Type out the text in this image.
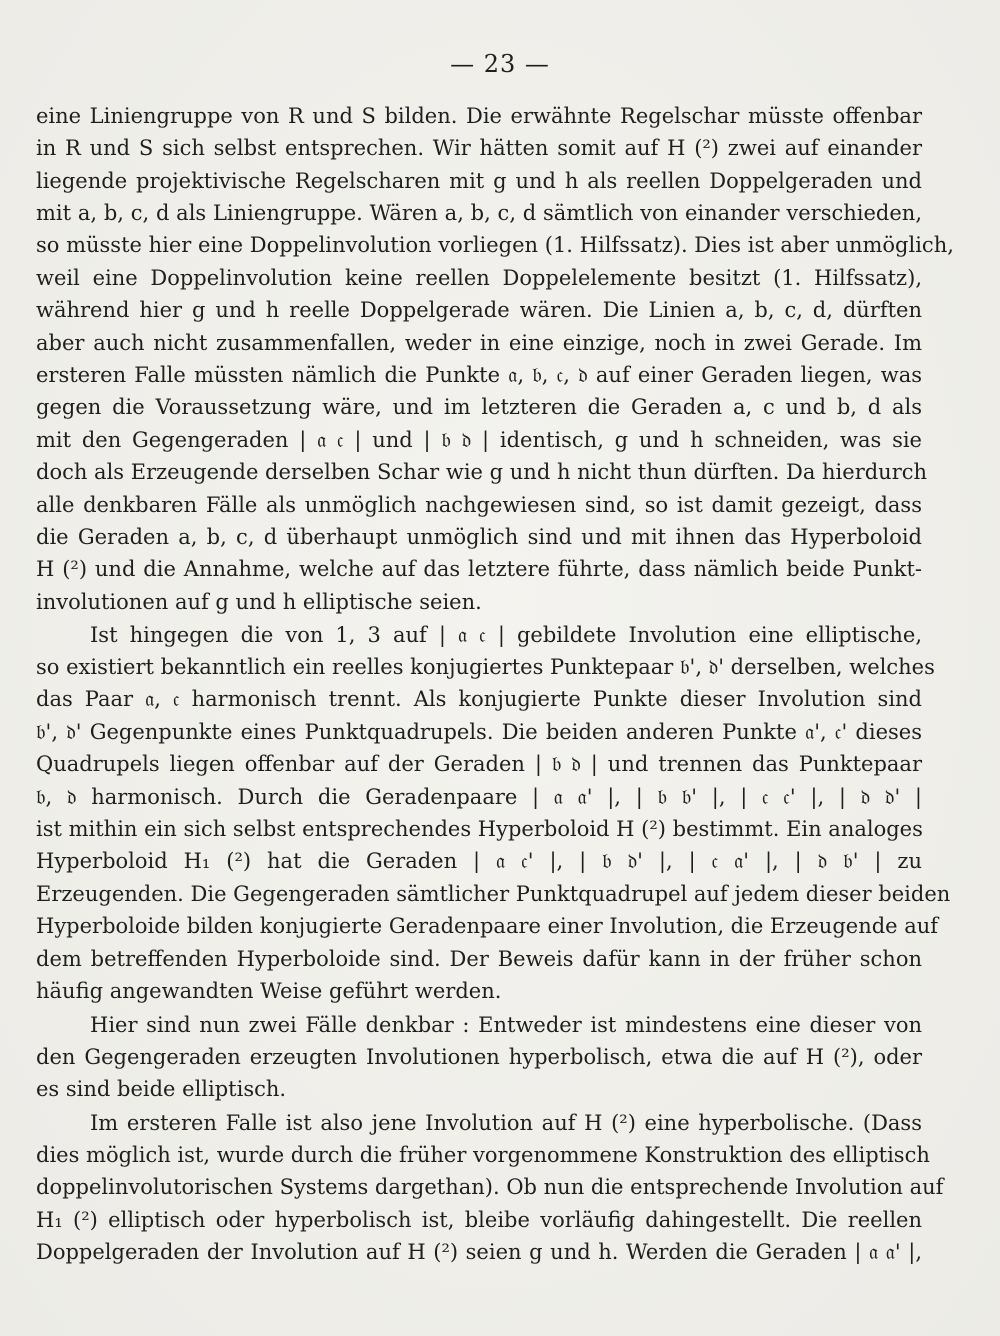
— 23 —
eine Liniengruppe von R und S bilden. Die erwähnte Regelschar müsste offenbar
in R und S sich selbst entsprechen. Wir hätten somit auf H (²) zwei auf einander
liegende projektivische Regelscharen mit g und h als reellen Doppelgeraden und
mit a, b, c, d als Liniengruppe. Wären a, b, c, d sämtlich von einander verschieden,
so müsste hier eine Doppelinvolution vorliegen (1. Hilfssatz). Dies ist aber unmöglich,
weil eine Doppelinvolution keine reellen Doppelelemente besitzt (1. Hilfssatz),
während hier g und h reelle Doppelgerade wären. Die Linien a, b, c, d, dürften
aber auch nicht zusammenfallen, weder in eine einzige, noch in zwei Gerade. Im
ersteren Falle müssten nämlich die Punkte 𝔞, 𝔟, 𝔠, 𝔡 auf einer Geraden liegen, was
gegen die Voraussetzung wäre, und im letzteren die Geraden a, c und b, d als
mit den Gegengeraden | 𝔞 𝔠 | und | 𝔟 𝔡 | identisch, g und h schneiden, was sie
doch als Erzeugende derselben Schar wie g und h nicht thun dürften. Da hierdurch
alle denkbaren Fälle als unmöglich nachgewiesen sind, so ist damit gezeigt, dass
die Geraden a, b, c, d überhaupt unmöglich sind und mit ihnen das Hyperboloid
H (²) und die Annahme, welche auf das letztere führte, dass nämlich beide Punkt-
involutionen auf g und h elliptische seien.
Ist hingegen die von 1, 3 auf | 𝔞 𝔠 | gebildete Involution eine elliptische,
so existiert bekanntlich ein reelles konjugiertes Punktepaar 𝔟', 𝔡' derselben, welches
das Paar 𝔞, 𝔠 harmonisch trennt. Als konjugierte Punkte dieser Involution sind
𝔟', 𝔡' Gegenpunkte eines Punktquadrupels. Die beiden anderen Punkte 𝔞', 𝔠' dieses
Quadrupels liegen offenbar auf der Geraden | 𝔟 𝔡 | und trennen das Punktepaar
𝔟, 𝔡 harmonisch. Durch die Geradenpaare | 𝔞 𝔞' |, | 𝔟 𝔟' |, | 𝔠 𝔠' |, | 𝔡 𝔡' |
ist mithin ein sich selbst entsprechendes Hyperboloid H (²) bestimmt. Ein analoges
Hyperboloid H₁ (²) hat die Geraden | 𝔞 𝔠' |, | 𝔟 𝔡' |, | 𝔠 𝔞' |, | 𝔡 𝔟' | zu
Erzeugenden. Die Gegengeraden sämtlicher Punktquadrupel auf jedem dieser beiden
Hyperboloide bilden konjugierte Geradenpaare einer Involution, die Erzeugende auf
dem betreffenden Hyperboloide sind. Der Beweis dafür kann in der früher schon
häufig angewandten Weise geführt werden.
Hier sind nun zwei Fälle denkbar : Entweder ist mindestens eine dieser von
den Gegengeraden erzeugten Involutionen hyperbolisch, etwa die auf H (²), oder
es sind beide elliptisch.
Im ersteren Falle ist also jene Involution auf H (²) eine hyperbolische. (Dass
dies möglich ist, wurde durch die früher vorgenommene Konstruktion des elliptisch
doppelinvolutorischen Systems dargethan). Ob nun die entsprechende Involution auf
H₁ (²) elliptisch oder hyperbolisch ist, bleibe vorläufig dahingestellt. Die reellen
Doppelgeraden der Involution auf H (²) seien g und h. Werden die Geraden | 𝔞 𝔞' |,
